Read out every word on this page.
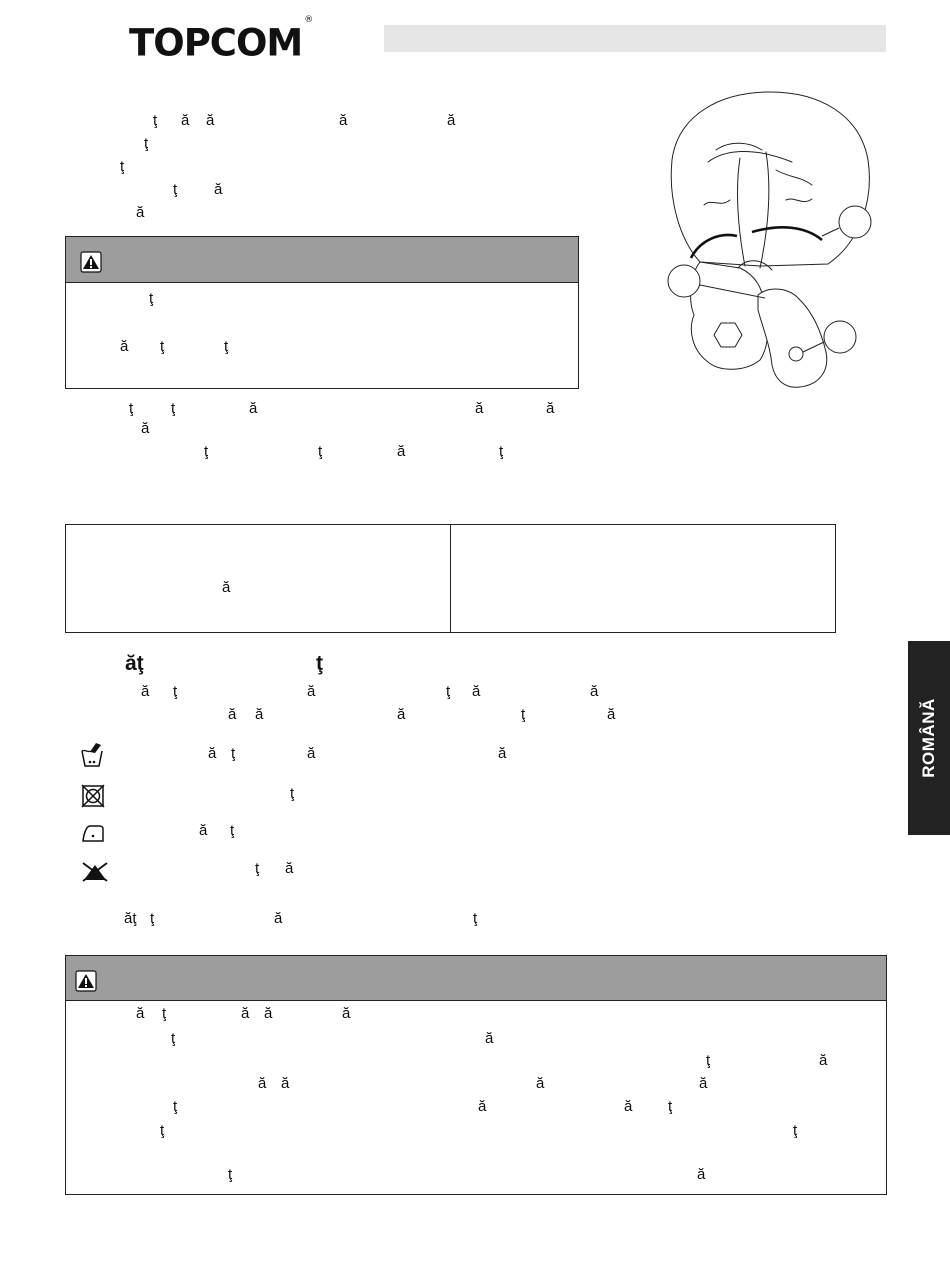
TOPCOM®
ţ ă ă	ă	ă
ţ
ţ
ţ ă
ă
ţ
ă ţ	ţ
ţ	ţ	ă	ă	ă
ă
ţ	ţ	ă	ţ
ă
ăţ	ţ
ă ţ	ă	ţ ă	ă
ă ă	ă	ţ	ă
ă ţ	ă	ă
ţ
ă ţ
ţ ă
ăţ ţ	ă	ţ
ă ţ	ă ă	ă
ţ	ă
ţ	ă
ă ă	ă	ă
ţ	ă	ă ţ
ţ	ţ
ţ	ă
ROMÂNĂ
